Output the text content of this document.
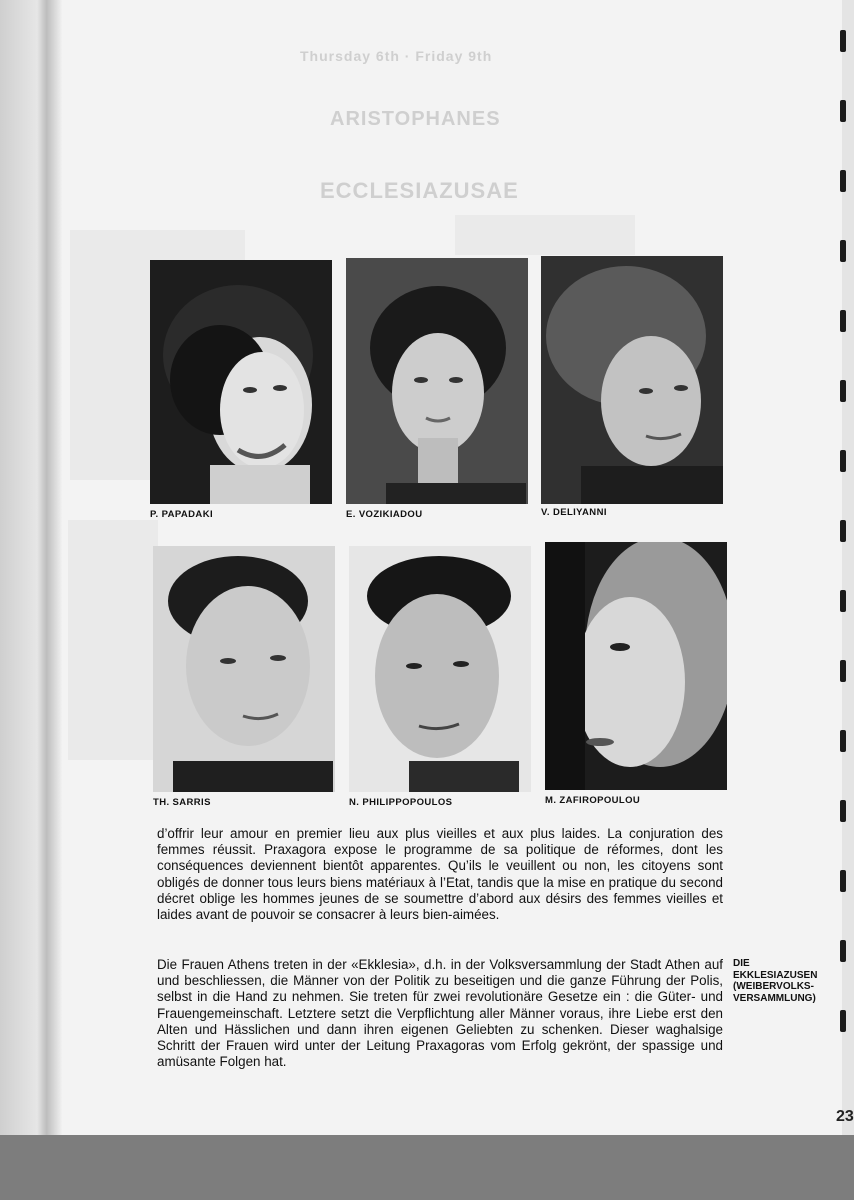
Thursday 6th · Friday 9th
ARISTOPHANES
ECCLESIAZUSAE
P. PAPADAKI	E. VOZIKIADOU	V. DELIYANNI
TH. SARRIS	N. PHILIPPOPOULOS	M. ZAFIROPOULOU
d’offrir leur amour en premier lieu aux plus vieilles et aux plus laides. La conjuration des femmes réussit. Praxagora expose le programme de sa politique de réformes, dont les conséquences deviennent bientôt apparentes. Qu’ils le veuillent ou non, les citoyens sont obligés de donner tous leurs biens matériaux à l’Etat, tandis que la mise en pratique du second décret oblige les hommes jeunes de se soumettre d’abord aux désirs des femmes vieilles et laides avant de pouvoir se consacrer à leurs bien-aimées.
Die Frauen Athens treten in der «Ekklesia», d.h. in der Volksversammlung der Stadt Athen auf und beschliessen, die Männer von der Politik zu beseitigen und die ganze Führung der Polis, selbst in die Hand zu nehmen. Sie treten für zwei revolutionäre Gesetze ein : die Güter- und Frauengemeinschaft. Letztere setzt die Verpflichtung aller Männer voraus, ihre Liebe erst den Alten und Hässlichen und dann ihren eigenen Geliebten zu schenken. Dieser waghalsige Schritt der Frauen wird unter der Leitung Praxagoras vom Erfolg gekrönt, der spassige und amüsante Folgen hat.
DIE
EKKLESIAZUSEN
(WEIBERVOLKS-
VERSAMMLUNG)
23
